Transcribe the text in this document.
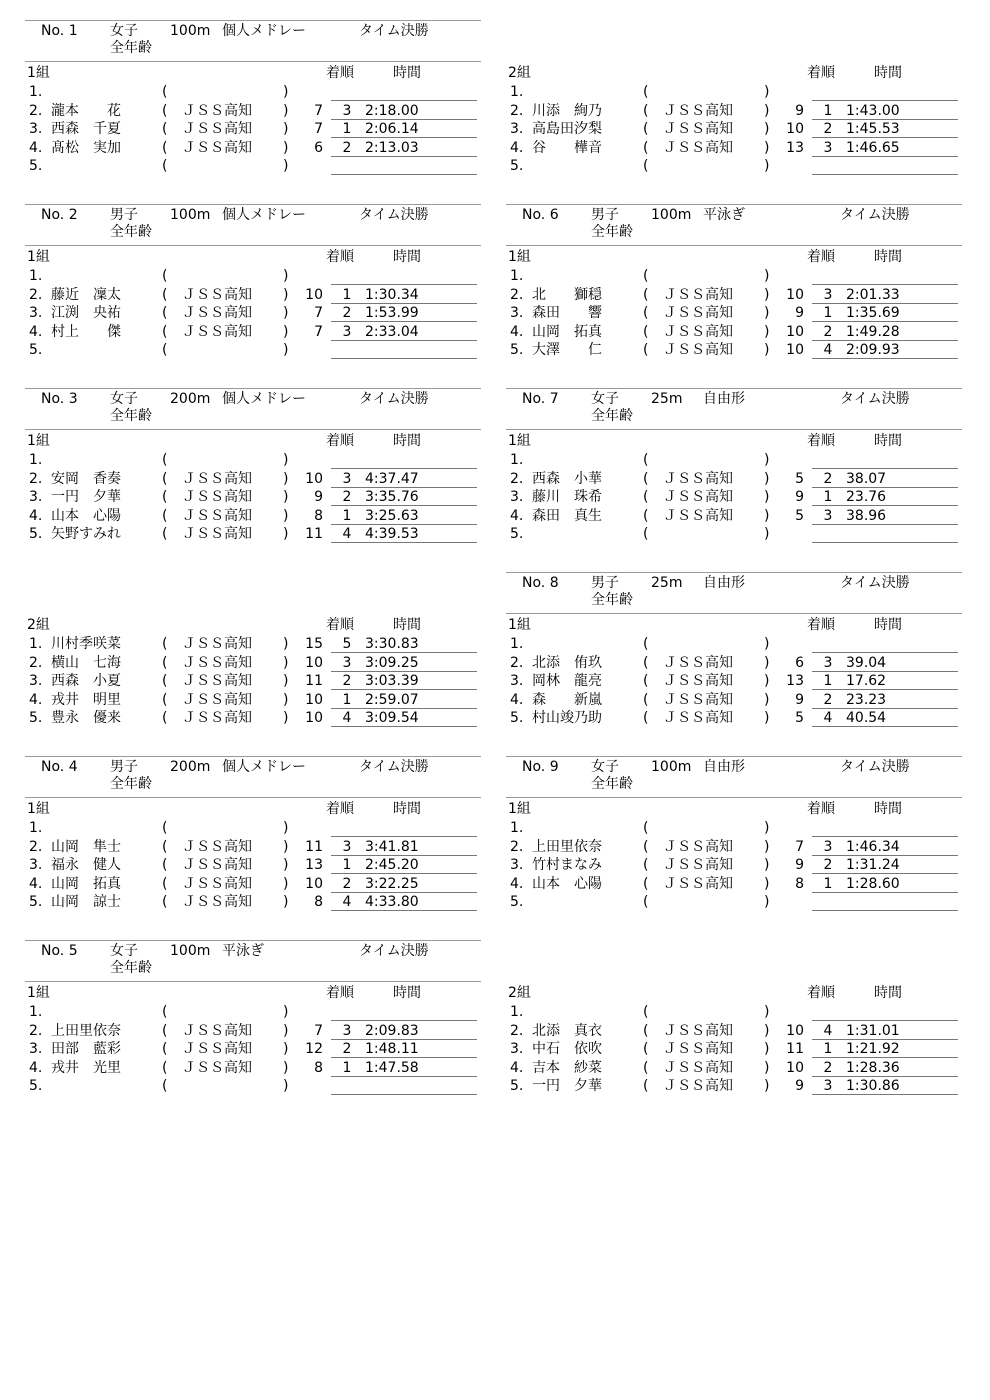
No. 1 女子 100m 個人メドレー	タイム決勝
全年齢
No. 2 男子 100m 個人メドレー	タイム決勝
全年齢
No. 3 女子 200m 個人メドレー	タイム決勝
全年齢
No. 4 男子 200m 個人メドレー	タイム決勝
全年齢
No. 5 女子 100m 平泳ぎ	タイム決勝
全年齢
No. 6 男子 100m 平泳ぎ	タイム決勝
全年齢
No. 7 女子 25m 自由形	タイム決勝
全年齢
No. 8 男子 25m 自由形	タイム決勝
全年齢
No. 9 女子 100m 自由形	タイム決勝
全年齢
1組	着順	時間
1.	(	)
2. 瀧本　　花	( ＪＳＳ高知 )	7 3 2:18.00
3. 西森　千夏	( ＪＳＳ高知 )	7 1 2:06.14
4. 髙松　実加	( ＪＳＳ高知 )	6 2 2:13.03
5.	(	)
2組	着順	時間
1.	(	)
2. 川添　絢乃	( ＪＳＳ高知 )	9 1 1:43.00
3. 高島田汐梨	( ＪＳＳ高知 ) 10 2 1:45.53
4. 谷　　樺音	( ＪＳＳ高知 ) 13 3 1:46.65
5.	(	)
1組	着順	時間
1.	(	)
2. 藤近　凜太	( ＪＳＳ高知 ) 10 1 1:30.34
3. 江渕　央祐	( ＪＳＳ高知 )	7 2 1:53.99
4. 村上　　傑	( ＪＳＳ高知 )	7 3 2:33.04
5.	(	)
1組	着順	時間
1.	(	)
2. 北　　獅穏	( ＪＳＳ高知 ) 10 3 2:01.33
3. 森田　　響	( ＪＳＳ高知 )	9 1 1:35.69
4. 山岡　拓真	( ＪＳＳ高知 ) 10 2 1:49.28
5. 大澤　　仁	( ＪＳＳ高知 ) 10 4 2:09.93
1組	着順	時間
1.	(	)
2. 安岡　香奏	( ＪＳＳ高知 ) 10 3 4:37.47
3. 一円　夕華	( ＪＳＳ高知 )	9 2 3:35.76
4. 山本　心陽	( ＪＳＳ高知 )	8 1 3:25.63
5. 矢野すみれ	( ＪＳＳ高知 ) 11 4 4:39.53
1組	着順	時間
1.	(	)
2. 西森　小華	( ＪＳＳ高知 )	5 2 38.07
3. 藤川　珠希	( ＪＳＳ高知 )	9 1 23.76
4. 森田　真生	( ＪＳＳ高知 )	5 3 38.96
5.	(	)
2組	着順	時間
1. 川村季咲菜	( ＪＳＳ高知 ) 15 5 3:30.83
2. 横山　七海	( ＪＳＳ高知 ) 10 3 3:09.25
3. 西森　小夏	( ＪＳＳ高知 ) 11 2 3:03.39
4. 戎井　明里	( ＪＳＳ高知 ) 10 1 2:59.07
5. 豊永　優来	( ＪＳＳ高知 ) 10 4 3:09.54
1組	着順	時間
1.	(	)
2. 北添　侑玖	( ＪＳＳ高知 )	6 3 39.04
3. 岡林　龍亮	( ＪＳＳ高知 ) 13 1 17.62
4. 森　　新嵐	( ＪＳＳ高知 )	9 2 23.23
5. 村山竣乃助	( ＪＳＳ高知 )	5 4 40.54
1組	着順	時間
1.	(	)
2. 山岡　隼士	( ＪＳＳ高知 ) 11 3 3:41.81
3. 福永　健人	( ＪＳＳ高知 ) 13 1 2:45.20
4. 山岡　拓真	( ＪＳＳ高知 ) 10 2 3:22.25
5. 山岡　諒士	( ＪＳＳ高知 )	8 4 4:33.80
1組	着順	時間
1.	(	)
2. 上田里依奈	( ＪＳＳ高知 )	7 3 1:46.34
3. 竹村まなみ	( ＪＳＳ高知 )	9 2 1:31.24
4. 山本　心陽	( ＪＳＳ高知 )	8 1 1:28.60
5.	(	)
1組	着順	時間
1.	(	)
2. 上田里依奈	( ＪＳＳ高知 )	7 3 2:09.83
3. 田部　藍彩	( ＪＳＳ高知 ) 12 2 1:48.11
4. 戎井　光里	( ＪＳＳ高知 )	8 1 1:47.58
5.	(	)
2組	着順	時間
1.	(	)
2. 北添　真衣	( ＪＳＳ高知 ) 10 4 1:31.01
3. 中石　依吹	( ＪＳＳ高知 ) 11 1 1:21.92
4. 吉本　紗菜	( ＪＳＳ高知 ) 10 2 1:28.36
5. 一円　夕華	( ＪＳＳ高知 )	9 3 1:30.86
